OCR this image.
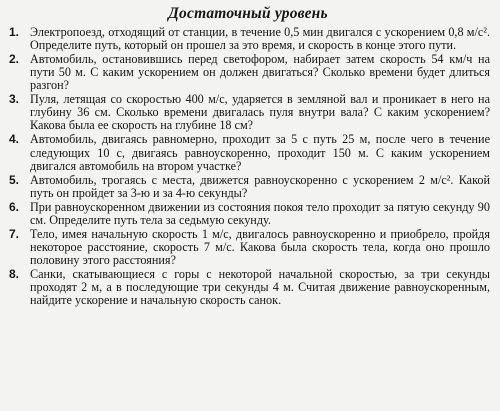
Достаточный уровень
1. Электропоезд, отходящий от станции, в течение 0,5 мин двигался с ускорением 0,8 м/с². Определите путь, который он прошел за это время, и скорость в конце этого пути.
2. Автомобиль, остановившись перед светофором, набирает затем скорость 54 км/ч на пути 50 м. С каким ускорением он должен двигаться? Сколько времени будет длиться разгон?
3. Пуля, летящая со скоростью 400 м/с, ударяется в земляной вал и проникает в него на глубину 36 см. Сколько времени двигалась пуля внутри вала? С каким ускорением? Какова была ее скорость на глубине 18 см?
4. Автомобиль, двигаясь равномерно, проходит за 5 с путь 25 м, после чего в течение следующих 10 с, двигаясь равноускоренно, проходит 150 м. С каким ускорением двигался автомобиль на втором участке?
5. Автомобиль, трогаясь с места, движется равноускоренно с ускорением 2 м/с². Какой путь он пройдет за 3-ю и за 4-ю секунды?
6. При равноускоренном движении из состояния покоя тело проходит за пятую секунду 90 см. Определите путь тела за седьмую секунду.
7. Тело, имея начальную скорость 1 м/с, двигалось равноускоренно и приобрело, пройдя некоторое расстояние, скорость 7 м/с. Какова была скорость тела, когда оно прошло половину этого расстояния?
8. Санки, скатывающиеся с горы с некоторой начальной скоростью, за три секунды проходят 2 м, а в последующие три секунды 4 м. Считая движение равноускоренным, найдите ускорение и начальную скорость санок.
